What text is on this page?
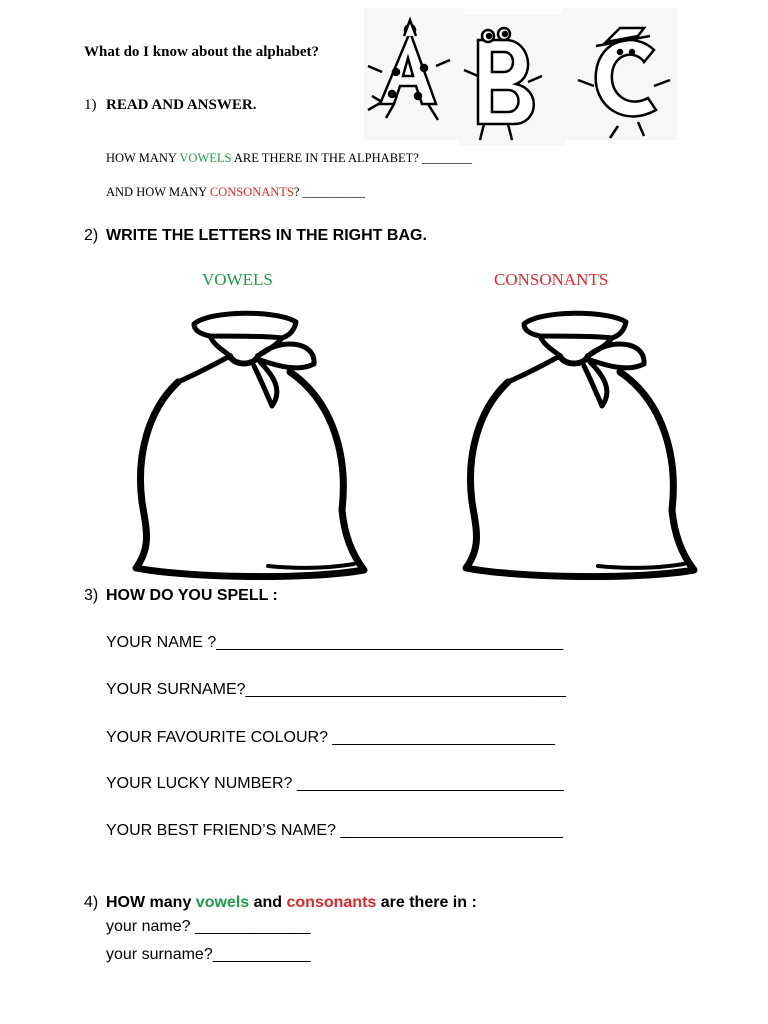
What do I know about the alphabet?
1) READ AND ANSWER.
HOW MANY VOWELS ARE THERE IN THE ALPHABET? ________
AND HOW MANY CONSONANTS? __________
2) WRITE THE LETTERS IN THE RIGHT BAG.
VOWELS	CONSONANTS
3) HOW DO YOU SPELL :
YOUR NAME ?_______________________________________
YOUR SURNAME?____________________________________
YOUR FAVOURITE COLOUR? _________________________
YOUR LUCKY NUMBER? ______________________________
YOUR BEST FRIEND’S NAME? _________________________
4) HOW many vowels and consonants are there in :
your name? _____________
your surname?___________
